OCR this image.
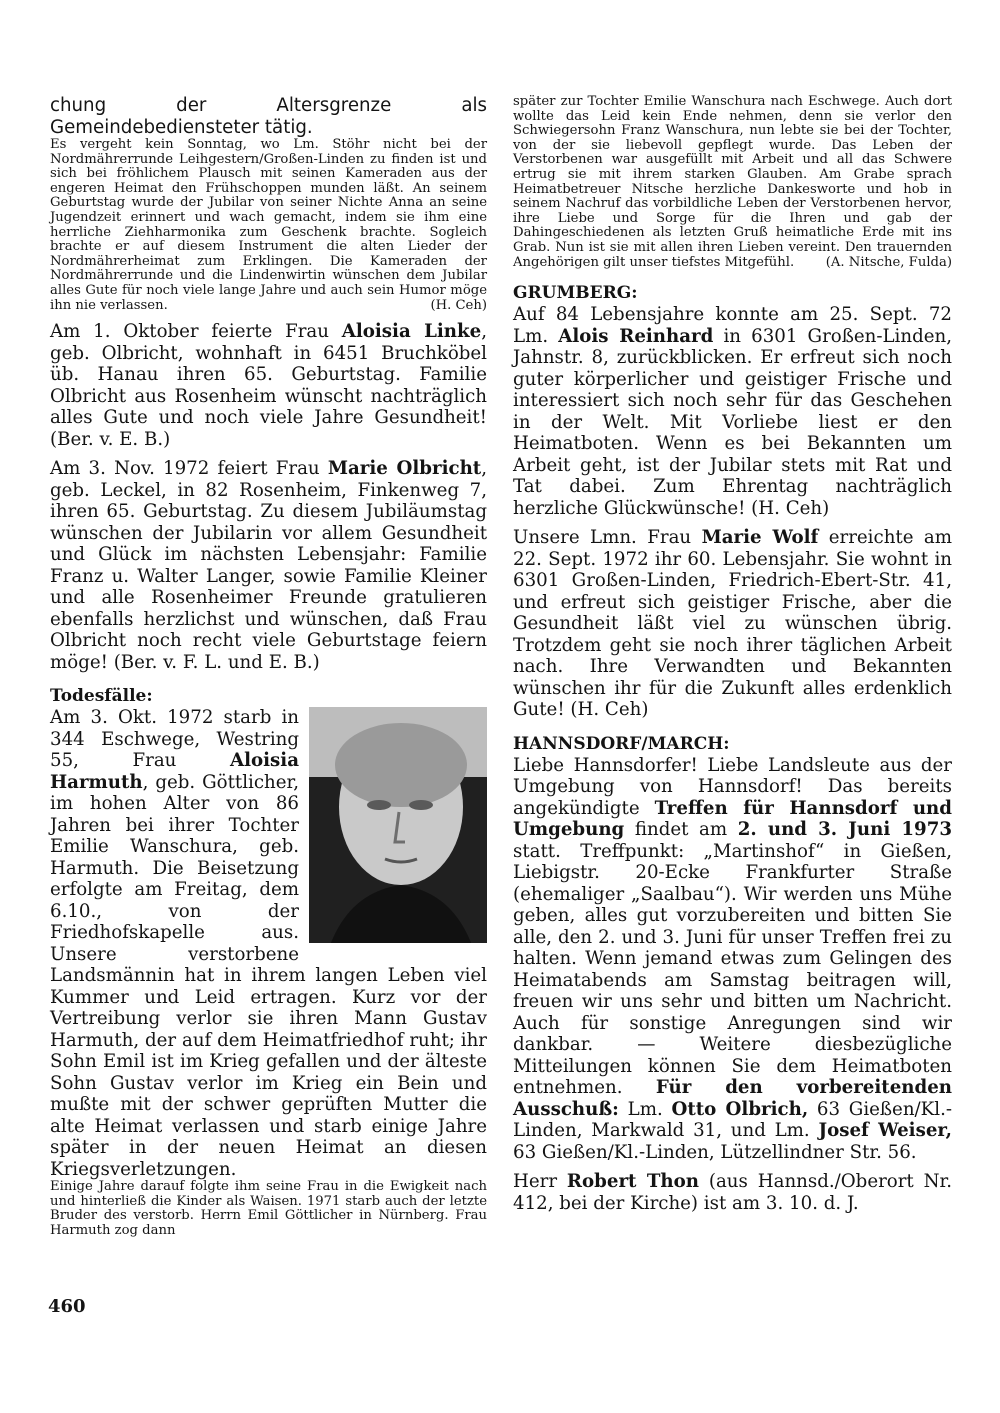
chung der Altersgrenze als Gemeindebediensteter tätig.

Es vergeht kein Sonntag, wo Lm. Stöhr nicht bei der Nordmährerrunde Leihgestern/Großen-Linden zu finden ist und sich bei fröhlichem Plausch mit seinen Kameraden aus der engeren Heimat den Frühschoppen munden läßt. An seinem Geburtstag wurde der Jubilar von seiner Nichte Anna an seine Jugendzeit erinnert und wach gemacht, indem sie ihm eine herrliche Ziehharmonika zum Geschenk brachte. Sogleich brachte er auf diesem Instrument die alten Lieder der Nordmährerheimat zum Erklingen. Die Kameraden der Nordmährerrunde und die Lindenwirtin wünschen dem Jubilar alles Gute für noch viele lange Jahre und auch sein Humor möge ihn nie verlassen.	(H. Ceh)

Am 1. Oktober feierte Frau Aloisia Linke, geb. Olbricht, wohnhaft in 6451 Bruchköbel üb. Hanau ihren 65. Geburtstag. Familie Olbricht aus Rosenheim wünscht nachträglich alles Gute und noch viele Jahre Gesundheit! (Ber. v. E. B.)

Am 3. Nov. 1972 feiert Frau Marie Olbricht, geb. Leckel, in 82 Rosenheim, Finkenweg 7, ihren 65. Geburtstag. Zu diesem Jubiläumstag wünschen der Jubilarin vor allem Gesundheit und Glück im nächsten Lebensjahr: Familie Franz u. Walter Langer, sowie Familie Kleiner und alle Rosenheimer Freunde gratulieren ebenfalls herzlichst und wünschen, daß Frau Olbricht noch recht viele Geburtstage feiern möge! (Ber. v. F. L. und E. B.)

Todesfälle:

Am 3. Okt. 1972 starb in 344 Eschwege, Westring 55, Frau Aloisia Harmuth, geb. Göttlicher, im hohen Alter von 86 Jahren bei ihrer Tochter Emilie Wanschura, geb. Harmuth. Die Beisetzung erfolgte am Freitag, dem 6.10., von der Friedhofskapelle aus. Unsere verstorbene Landsmännin hat in ihrem langen Leben viel Kummer und Leid ertragen. Kurz vor der Vertreibung verlor sie ihren Mann Gustav Harmuth, der auf dem Heimatfriedhof ruht; ihr Sohn Emil ist im Krieg gefallen und der älteste Sohn Gustav verlor im Krieg ein Bein und mußte mit der schwer geprüften Mutter die alte Heimat verlassen und starb einige Jahre später in der neuen Heimat an diesen Kriegsverletzungen.

Einige Jahre darauf folgte ihm seine Frau in die Ewigkeit nach und hinterließ die Kinder als Waisen. 1971 starb auch der letzte Bruder des verstorb. Herrn Emil Göttlicher in Nürnberg. Frau Harmuth zog dann

später zur Tochter Emilie Wanschura nach Eschwege. Auch dort wollte das Leid kein Ende nehmen, denn sie verlor den Schwiegersohn Franz Wanschura, nun lebte sie bei der Tochter, von der sie liebevoll gepflegt wurde. Das Leben der Verstorbenen war ausgefüllt mit Arbeit und all das Schwere ertrug sie mit ihrem starken Glauben. Am Grabe sprach Heimatbetreuer Nitsche herzliche Dankesworte und hob in seinem Nachruf das vorbildliche Leben der Verstorbenen hervor, ihre Liebe und Sorge für die Ihren und gab der Dahingeschiedenen als letzten Gruß heimatliche Erde mit ins Grab. Nun ist sie mit allen ihren Lieben vereint. Den trauernden Angehörigen gilt unser tiefstes Mitgefühl. (A. Nitsche, Fulda)

GRUMBERG:

Auf 84 Lebensjahre konnte am 25. Sept. 72 Lm. Alois Reinhard in 6301 Großen-Linden, Jahnstr. 8, zurückblicken. Er erfreut sich noch guter körperlicher und geistiger Frische und interessiert sich noch sehr für das Geschehen in der Welt. Mit Vorliebe liest er den Heimatboten. Wenn es bei Bekannten um Arbeit geht, ist der Jubilar stets mit Rat und Tat dabei. Zum Ehrentag nachträglich herzliche Glückwünsche! (H. Ceh)

Unsere Lmn. Frau Marie Wolf erreichte am 22. Sept. 1972 ihr 60. Lebensjahr. Sie wohnt in 6301 Großen-Linden, Friedrich-Ebert-Str. 41, und erfreut sich geistiger Frische, aber die Gesundheit läßt viel zu wünschen übrig. Trotzdem geht sie noch ihrer täglichen Arbeit nach. Ihre Verwandten und Bekannten wünschen ihr für die Zukunft alles erdenklich Gute! (H. Ceh)

HANNSDORF/MARCH:

Liebe Hannsdorfer! Liebe Landsleute aus der Umgebung von Hannsdorf! Das bereits angekündigte Treffen für Hannsdorf und Umgebung findet am 2. und 3. Juni 1973 statt. Treffpunkt: „Martinshof“ in Gießen, Liebigstr. 20-Ecke Frankfurter Straße (ehemaliger „Saalbau“). Wir werden uns Mühe geben, alles gut vorzubereiten und bitten Sie alle, den 2. und 3. Juni für unser Treffen frei zu halten. Wenn jemand etwas zum Gelingen des Heimatabends am Samstag beitragen will, freuen wir uns sehr und bitten um Nachricht. Auch für sonstige Anregungen sind wir dankbar. — Weitere diesbezügliche Mitteilungen können Sie dem Heimatboten entnehmen. Für den vorbereitenden Ausschuß: Lm. Otto Olbrich, 63 Gießen/Kl.-Linden, Markwald 31, und Lm. Josef Weiser, 63 Gießen/Kl.-Linden, Lützellindner Str. 56.

Herr Robert Thon (aus Hannsd./Oberort Nr. 412, bei der Kirche) ist am 3. 10. d. J.

460
